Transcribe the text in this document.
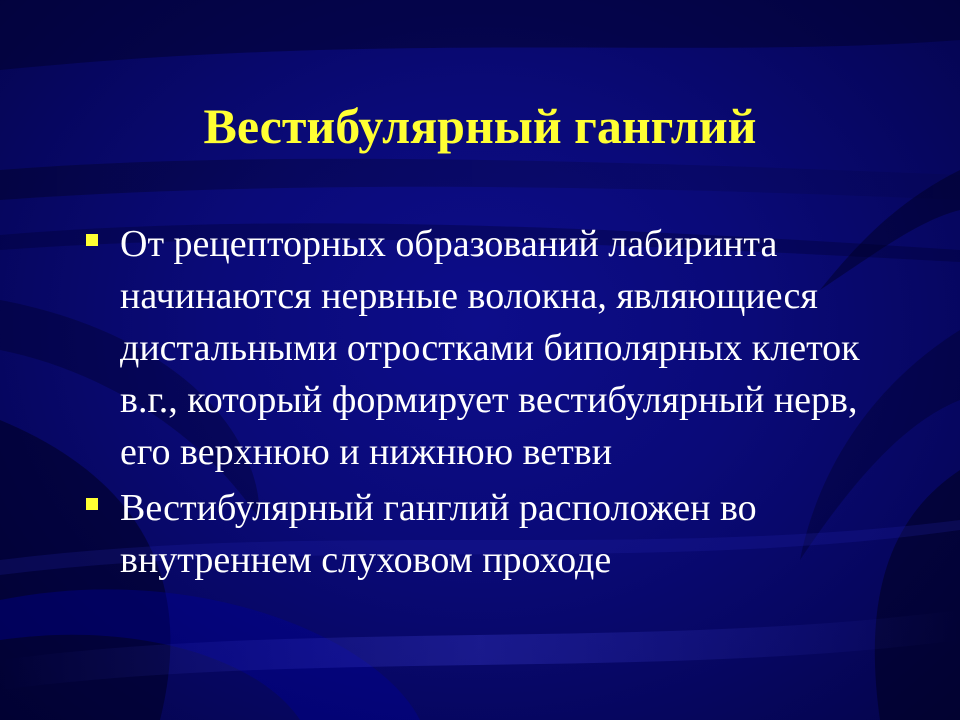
Вестибулярный ганглий
От рецепторных образований лабиринта начинаются нервные волокна, являющиеся дистальными отростками биполярных клеток в.г., который формирует вестибулярный нерв, его верхнюю и нижнюю ветви
Вестибулярный ганглий расположен во внутреннем слуховом проходе
